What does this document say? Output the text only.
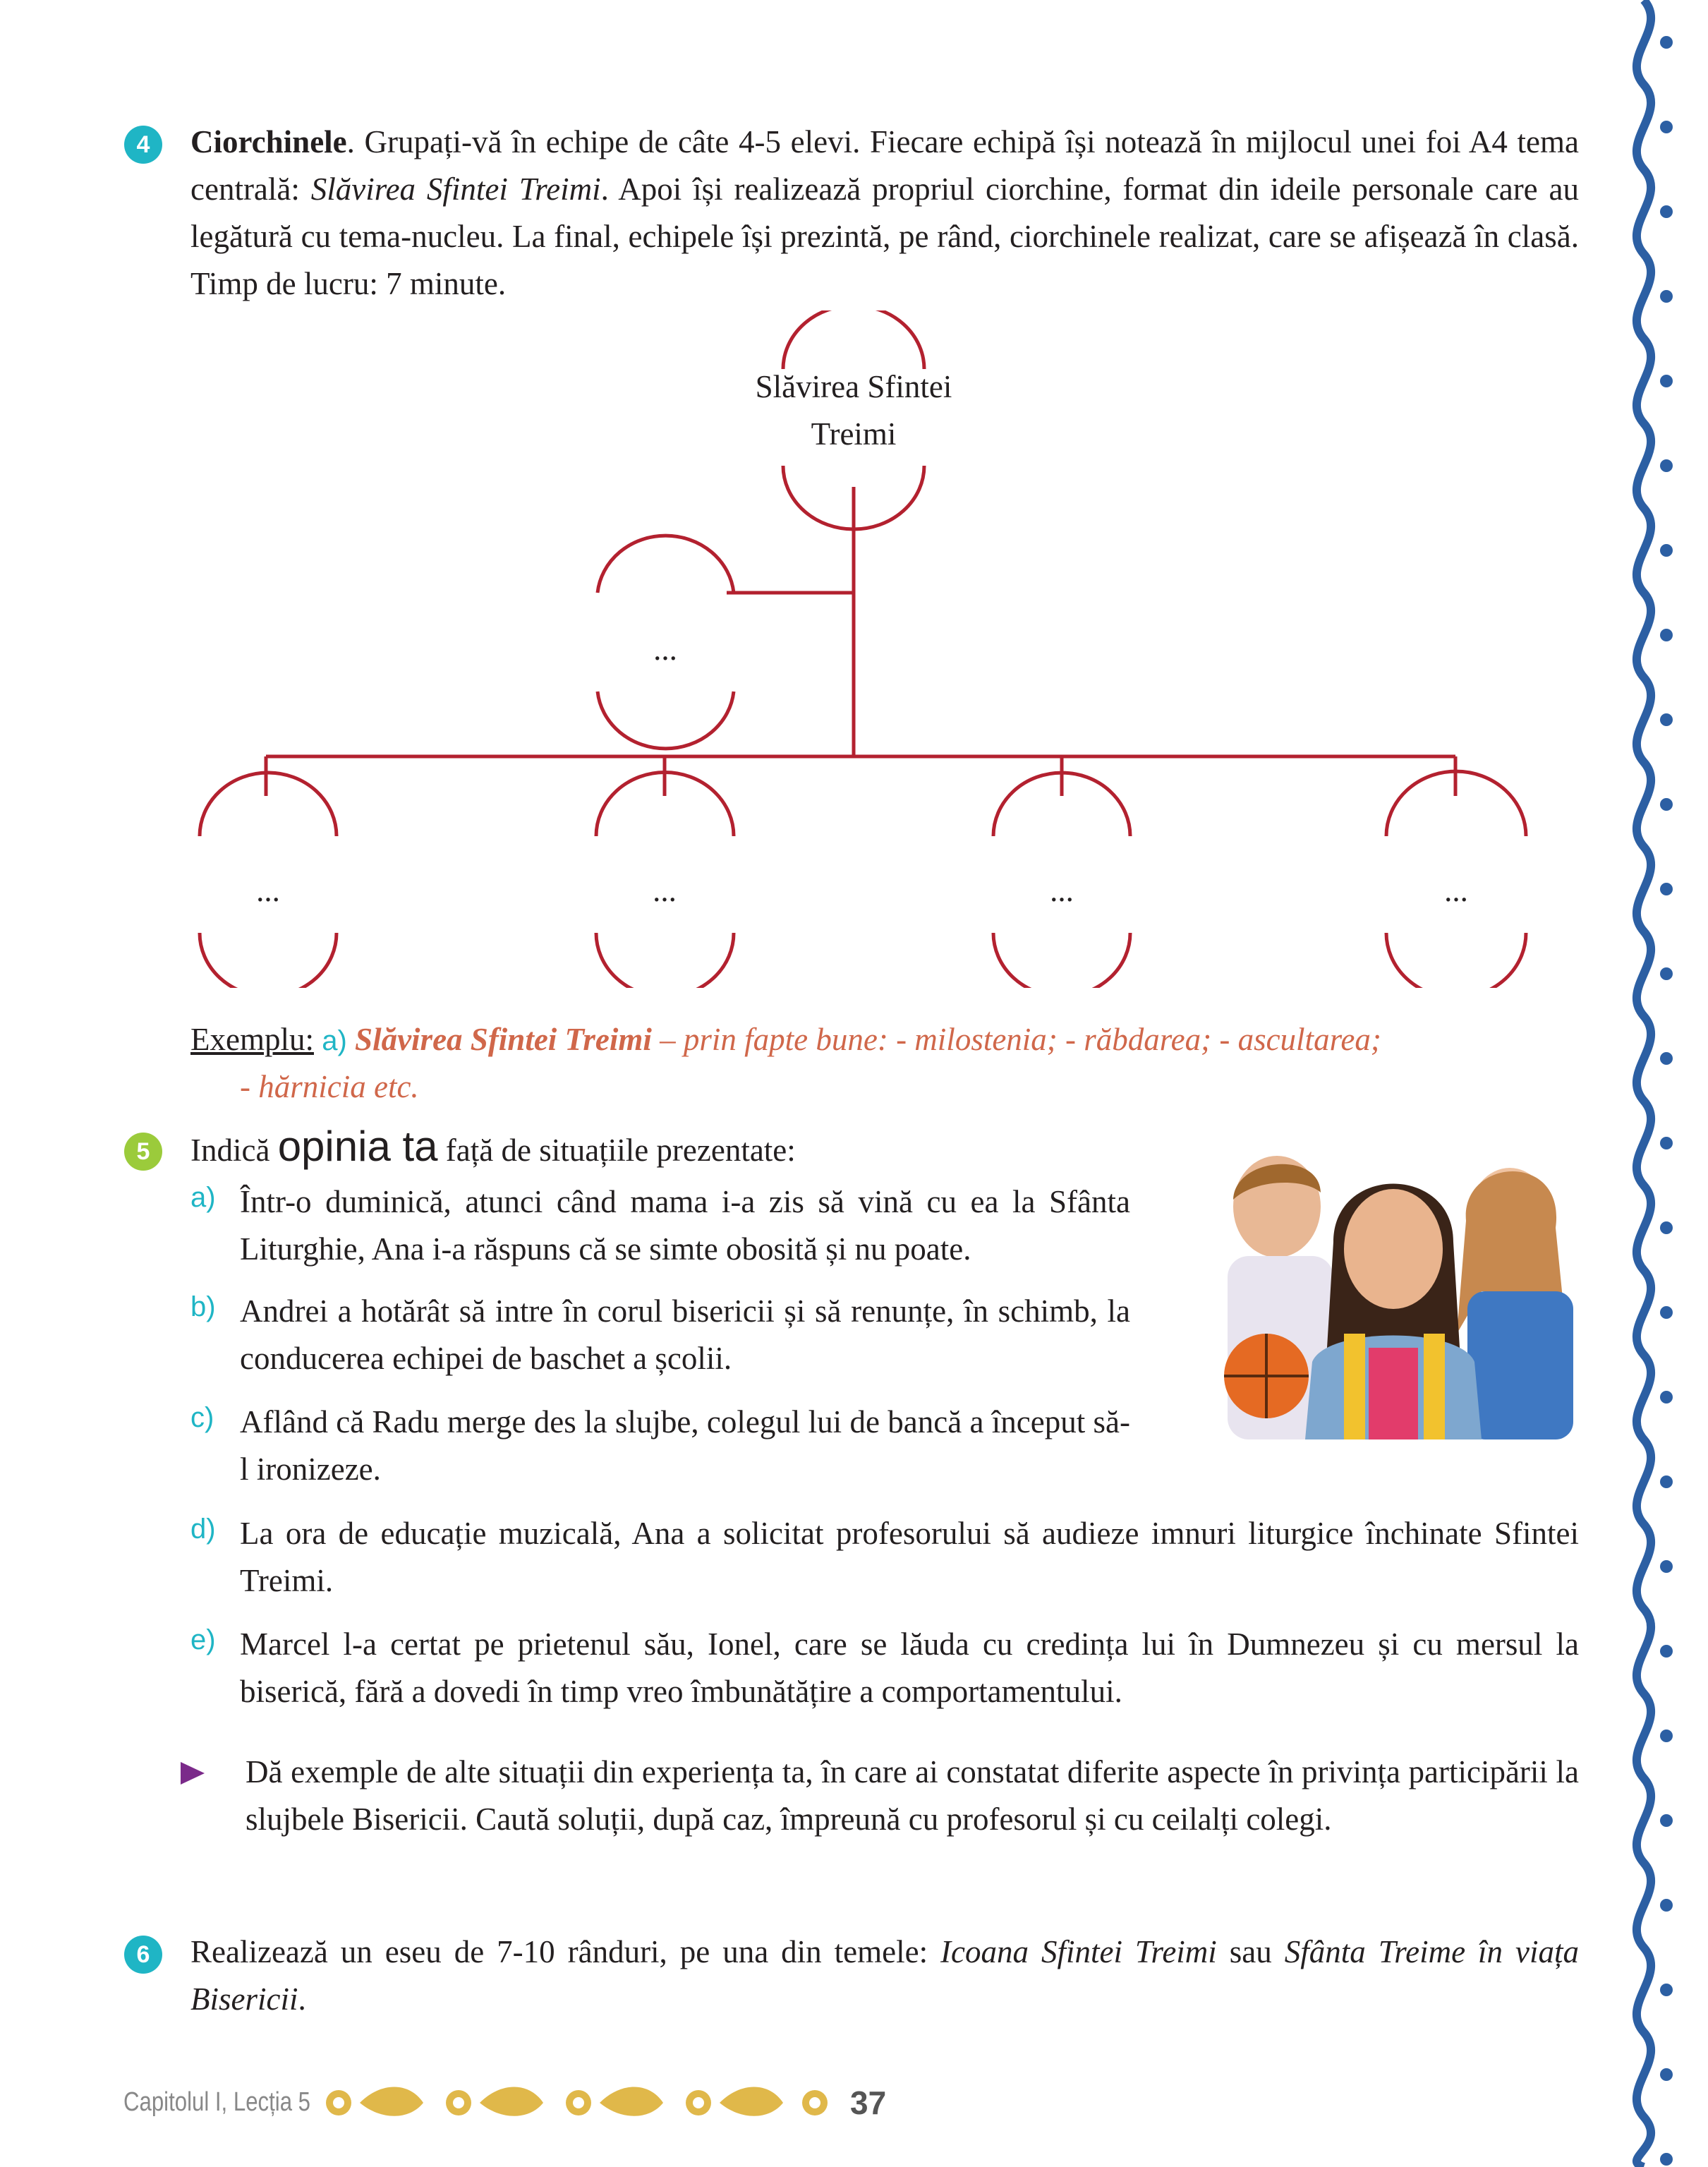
4	Ciorchinele. Grupați-vă în echipe de câte 4-5 elevi. Fiecare echipă își notează în mijlocul unei foi A4 tema centrală: Slăvirea Sfintei Treimi. Apoi își realizează propriul ciorchine, format din ideile personale care au legătură cu tema-nucleu. La final, echipele își prezintă, pe rând, ciorchinele realizat, care se afișează în clasă. Timp de lucru: 7 minute.
Slăvirea Sfintei
Treimi
...
...	...	...	...
Exemplu: a) Slăvirea Sfintei Treimi – prin fapte bune: - milostenia; - răbdarea; - ascultarea;
- hărnicia etc.
5	Indică opinia ta față de situațiile prezentate:
a) Într-o duminică, atunci când mama i-a zis să vină cu ea la Sfânta Liturghie, Ana i-a răspuns că se simte obosită și nu poate.
b) Andrei a hotărât să intre în corul bisericii și să renunțe, în schimb, la conducerea echipei de baschet a școlii.
c) Aflând că Radu merge des la slujbe, colegul lui de bancă a început să-l ironizeze.
d) La ora de educație muzicală, Ana a solicitat profesorului să audieze imnuri liturgice închinate Sfintei Treimi.
e) Marcel l-a certat pe prietenul său, Ionel, care se lăuda cu credința lui în Dumnezeu și cu mersul la biserică, fără a dovedi în timp vreo îmbunătățire a comportamentului.
Dă exemple de alte situații din experiența ta, în care ai constatat diferite aspecte în privința participării la slujbele Bisericii. Caută soluții, după caz, împreună cu profesorul și cu ceilalți colegi.
6	Realizează un eseu de 7-10 rânduri, pe una din temele: Icoana Sfintei Treimi sau Sfânta Treime în viața Bisericii.
Capitolul I, Lecția 5	37
